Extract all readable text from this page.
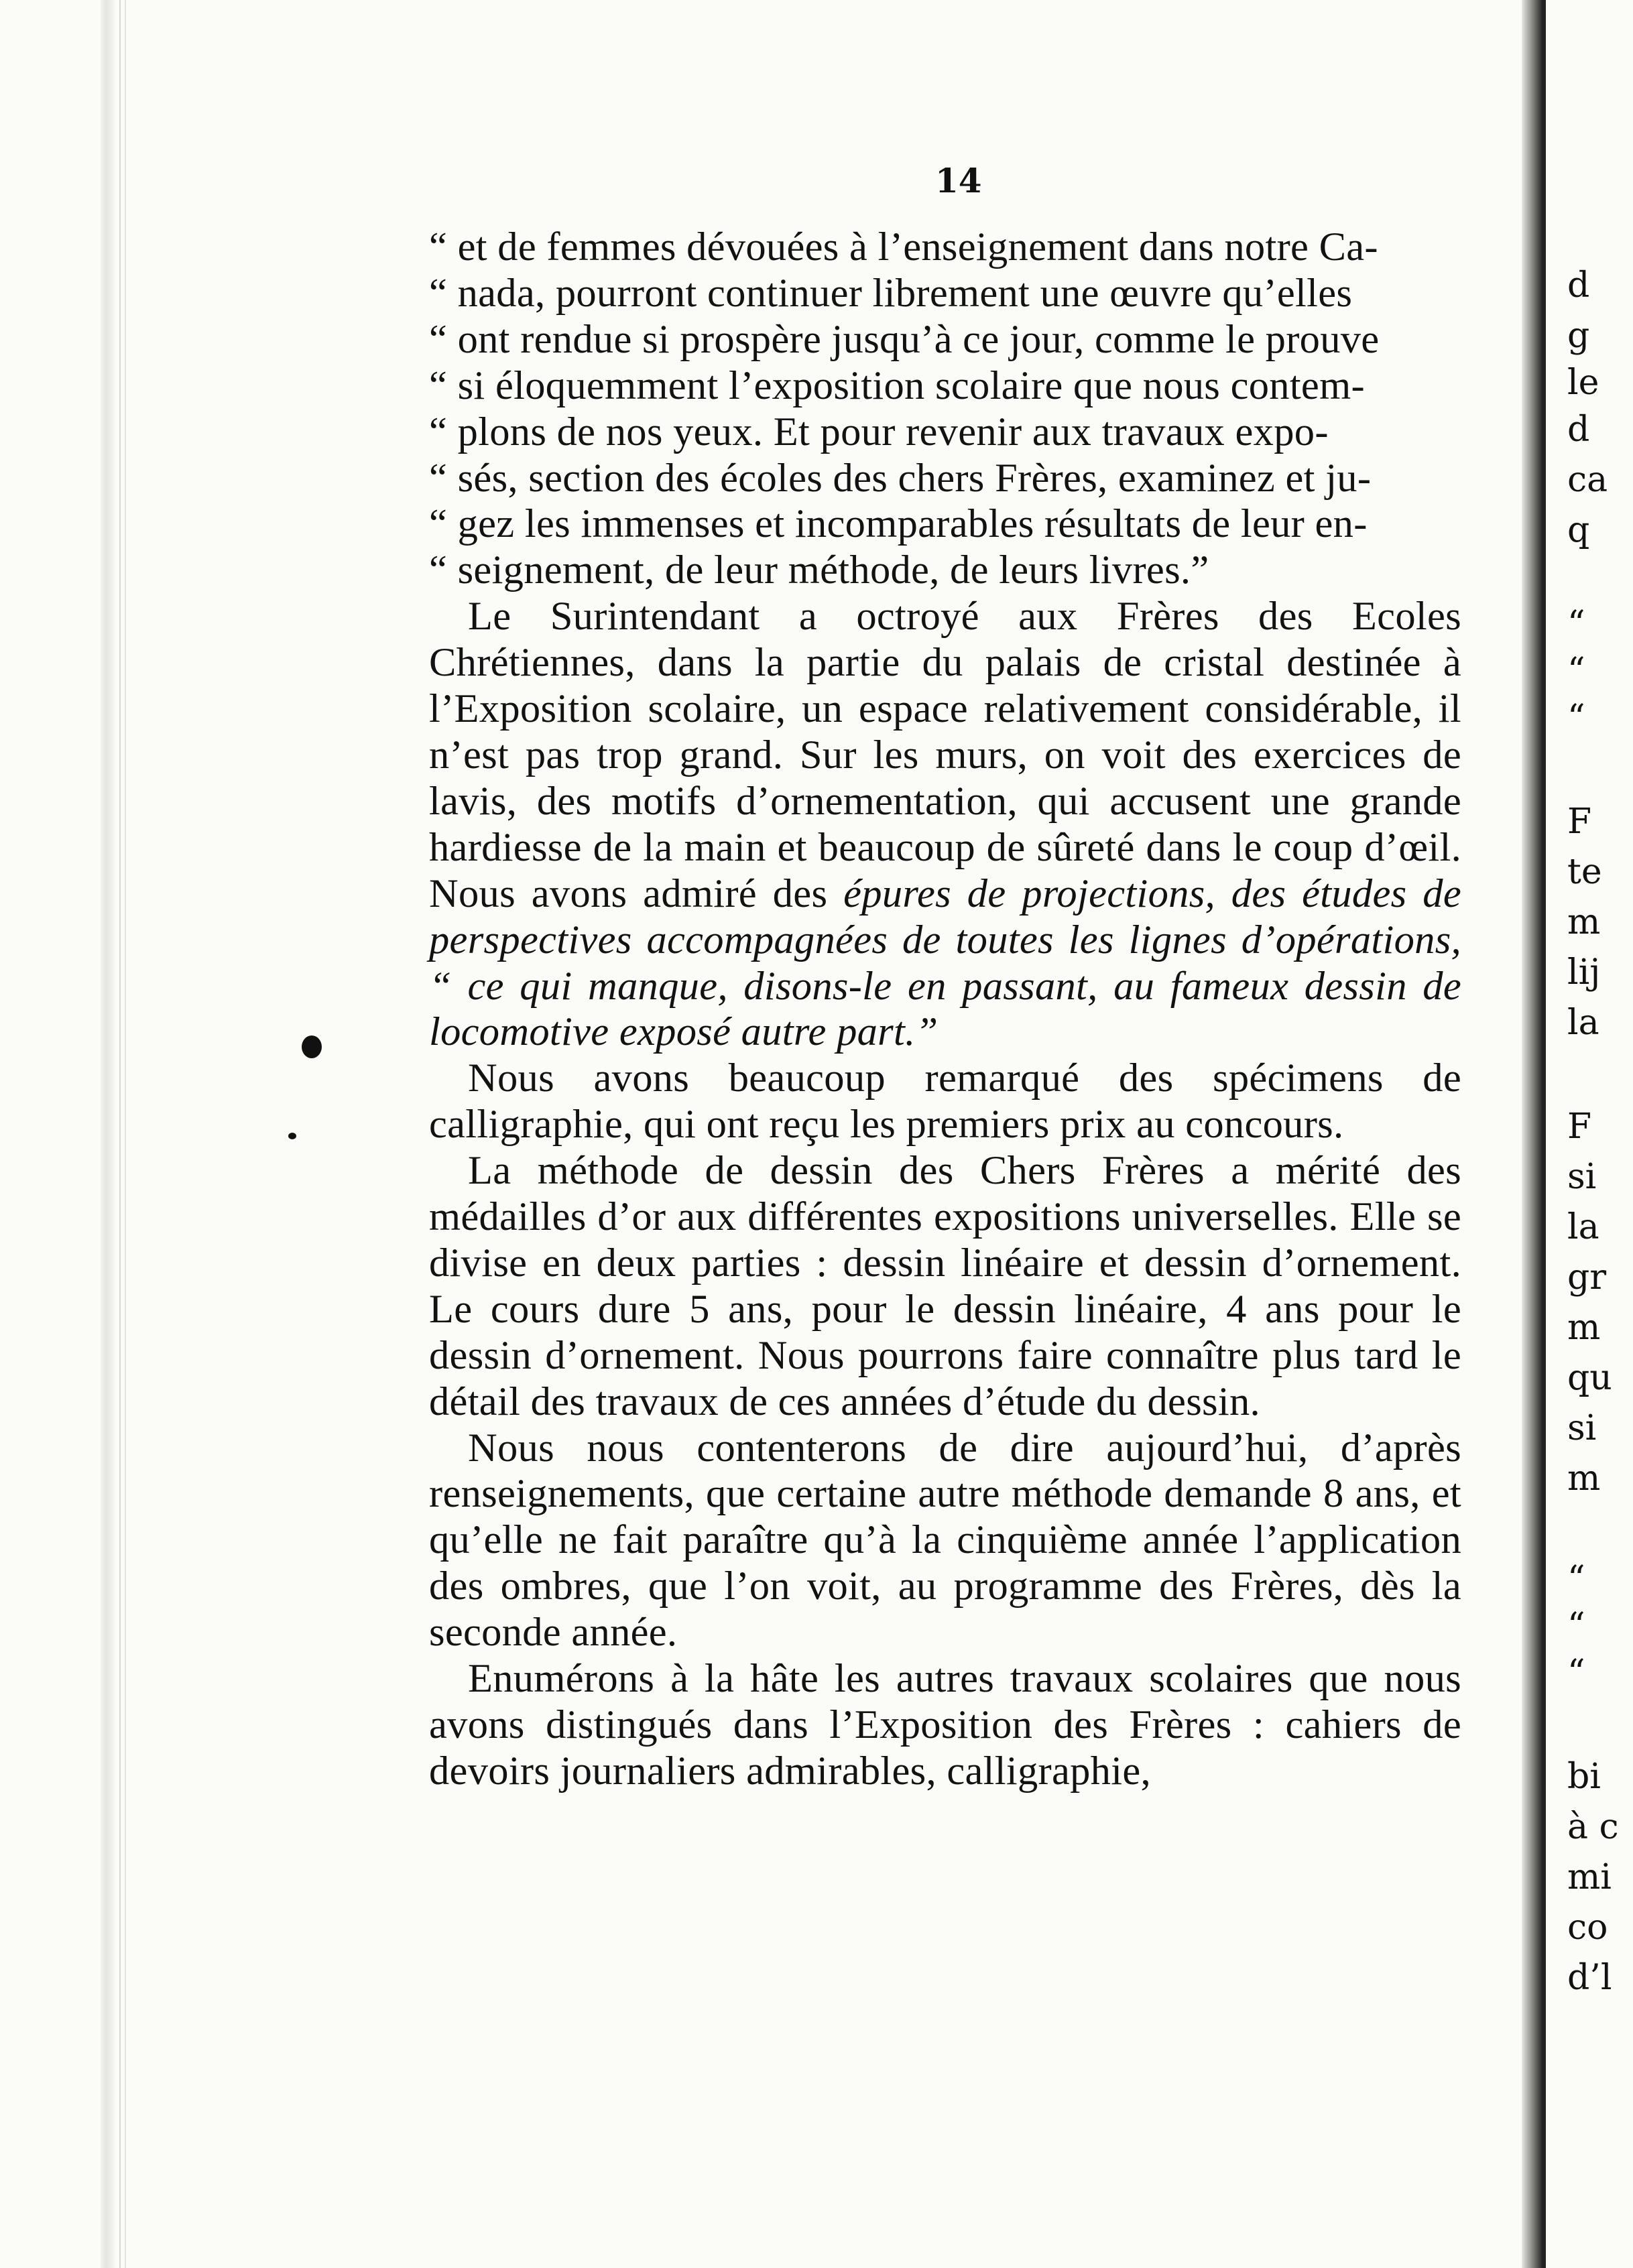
14

“ et de femmes dévouées à l’enseignement dans notre Ca-

“ nada, pourront continuer librement une œuvre qu’elles

“ ont rendue si prospère jusqu’à ce jour, comme le prouve

“ si éloquemment l’exposition scolaire que nous contem-

“ plons de nos yeux. Et pour revenir aux travaux expo-

“ sés, section des écoles des chers Frères, examinez et ju-

“ gez les immenses et incomparables résultats de leur en-

“ seignement, de leur méthode, de leurs livres.”

Le Surintendant a octroyé aux Frères des Ecoles Chrétiennes, dans la partie du palais de cristal destinée à l’Exposition scolaire, un espace relativement considérable, il n’est pas trop grand. Sur les murs, on voit des exercices de lavis, des motifs d’ornementation, qui accusent une grande hardiesse de la main et beaucoup de sûreté dans le coup d’œil. Nous avons admiré des épures de projections, des études de perspectives accompagnées de toutes les lignes d’opérations, “ ce qui manque, disons-le en passant, au fameux dessin de locomotive exposé autre part.”

Nous avons beaucoup remarqué des spécimens de calligraphie, qui ont reçu les premiers prix au concours.

La méthode de dessin des Chers Frères a mérité des médailles d’or aux différentes expositions universelles. Elle se divise en deux parties : dessin linéaire et dessin d’ornement. Le cours dure 5 ans, pour le dessin linéaire, 4 ans pour le dessin d’ornement. Nous pourrons faire connaître plus tard le détail des travaux de ces années d’étude du dessin.

Nous nous contenterons de dire aujourd’hui, d’après renseignements, que certaine autre méthode demande 8 ans, et qu’elle ne fait paraître qu’à la cinquième année l’application des ombres, que l’on voit, au programme des Frères, dès la seconde année.

Enumérons à la hâte les autres travaux scolaires que nous avons distingués dans l’Exposition des Frères : cahiers de devoirs journaliers admirables, calligraphie,

d
g
le
d
ca
q
“
“
“
F
te
m
lij
la
F
si
la
gr
m
qu
si
m
“
“
“
bi
à c
mi
co
d’l
